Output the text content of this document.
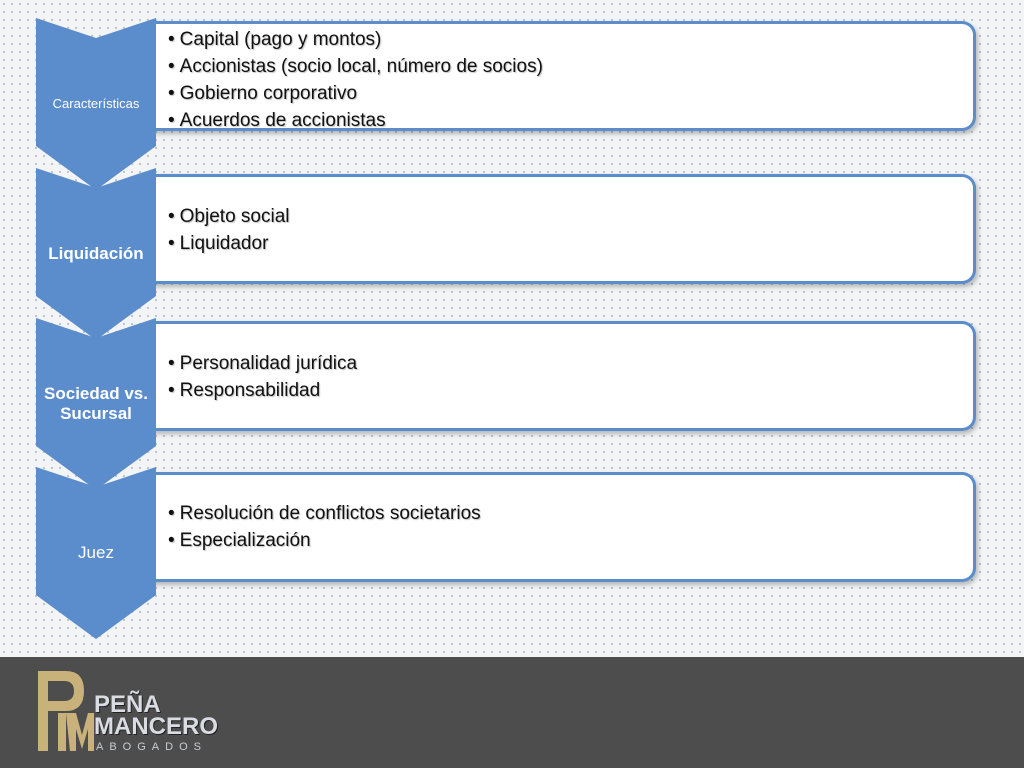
• Capital (pago y montos)
• Accionistas (socio local, número de socios)
• Gobierno corporativo
• Acuerdos de accionistas
Características
• Objeto social
• Liquidador
Liquidación
• Personalidad jurídica
• Responsabilidad
Sociedad vs.
Sucursal
• Resolución de conflictos societarios
• Especialización
Juez
PEÑA
MANCERO
ABOGADOS
